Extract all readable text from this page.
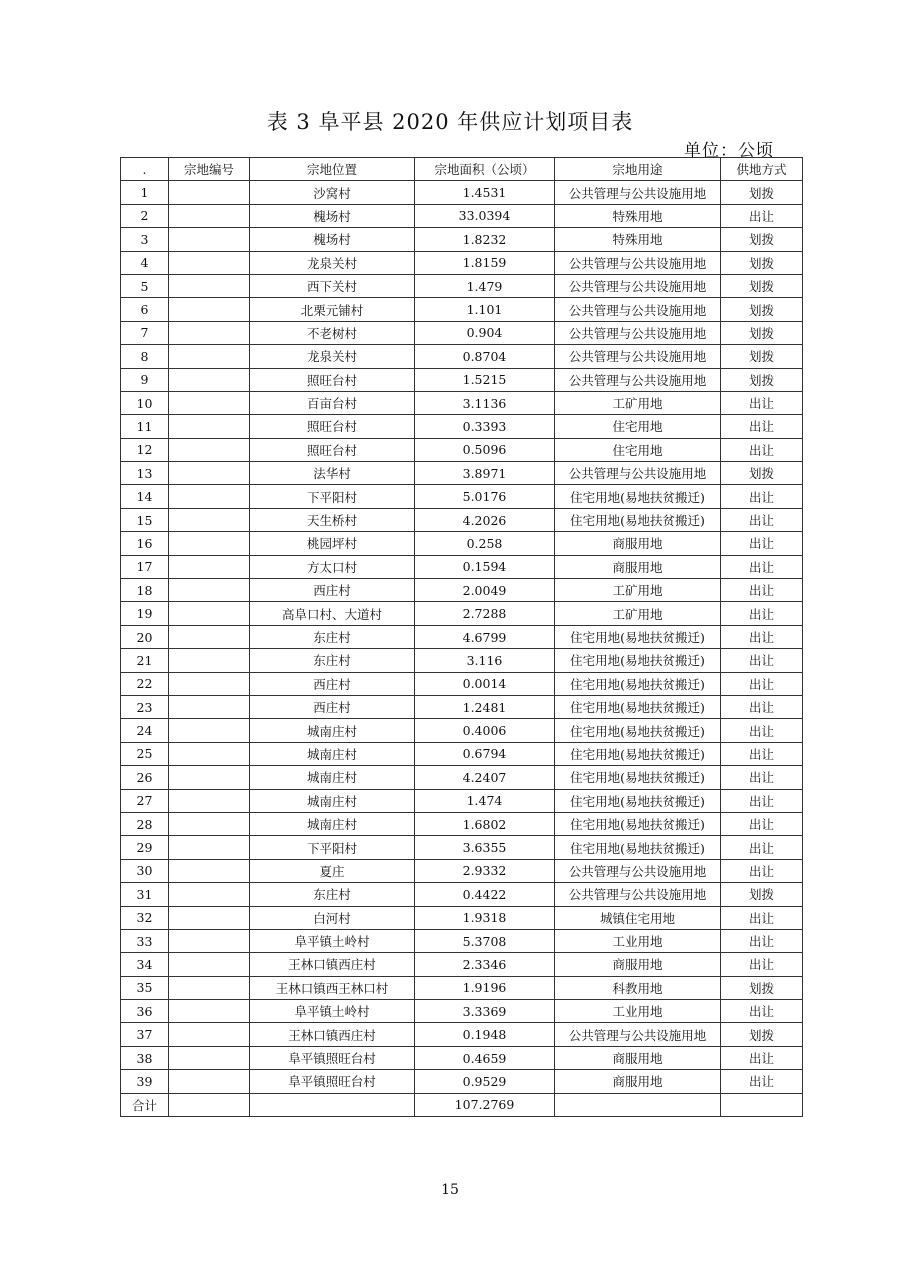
表 3 阜平县 2020 年供应计划项目表
单位：公顷
.	宗地编号	宗地位置	宗地面积（公顷）	宗地用途	供地方式
1		沙窝村	1.4531	公共管理与公共设施用地	划拨
2		槐场村	33.0394	特殊用地	出让
3		槐场村	1.8232	特殊用地	划拨
4		龙泉关村	1.8159	公共管理与公共设施用地	划拨
5		西下关村	1.479	公共管理与公共设施用地	划拨
6		北栗元铺村	1.101	公共管理与公共设施用地	划拨
7		不老树村	0.904	公共管理与公共设施用地	划拨
8		龙泉关村	0.8704	公共管理与公共设施用地	划拨
9		照旺台村	1.5215	公共管理与公共设施用地	划拨
10		百亩台村	3.1136	工矿用地	出让
11		照旺台村	0.3393	住宅用地	出让
12		照旺台村	0.5096	住宅用地	出让
13		法华村	3.8971	公共管理与公共设施用地	划拨
14		下平阳村	5.0176	住宅用地(易地扶贫搬迁)	出让
15		天生桥村	4.2026	住宅用地(易地扶贫搬迁)	出让
16		桃园坪村	0.258	商服用地	出让
17		方太口村	0.1594	商服用地	出让
18		西庄村	2.0049	工矿用地	出让
19		高阜口村、大道村	2.7288	工矿用地	出让
20		东庄村	4.6799	住宅用地(易地扶贫搬迁)	出让
21		东庄村	3.116	住宅用地(易地扶贫搬迁)	出让
22		西庄村	0.0014	住宅用地(易地扶贫搬迁)	出让
23		西庄村	1.2481	住宅用地(易地扶贫搬迁)	出让
24		城南庄村	0.4006	住宅用地(易地扶贫搬迁)	出让
25		城南庄村	0.6794	住宅用地(易地扶贫搬迁)	出让
26		城南庄村	4.2407	住宅用地(易地扶贫搬迁)	出让
27		城南庄村	1.474	住宅用地(易地扶贫搬迁)	出让
28		城南庄村	1.6802	住宅用地(易地扶贫搬迁)	出让
29		下平阳村	3.6355	住宅用地(易地扶贫搬迁)	出让
30		夏庄	2.9332	公共管理与公共设施用地	出让
31		东庄村	0.4422	公共管理与公共设施用地	划拨
32		白河村	1.9318	城镇住宅用地	出让
33		阜平镇土岭村	5.3708	工业用地	出让
34		王林口镇西庄村	2.3346	商服用地	出让
35		王林口镇西王林口村	1.9196	科教用地	划拨
36		阜平镇土岭村	3.3369	工业用地	出让
37		王林口镇西庄村	0.1948	公共管理与公共设施用地	划拨
38		阜平镇照旺台村	0.4659	商服用地	出让
39		阜平镇照旺台村	0.9529	商服用地	出让
合计			107.2769		
15
